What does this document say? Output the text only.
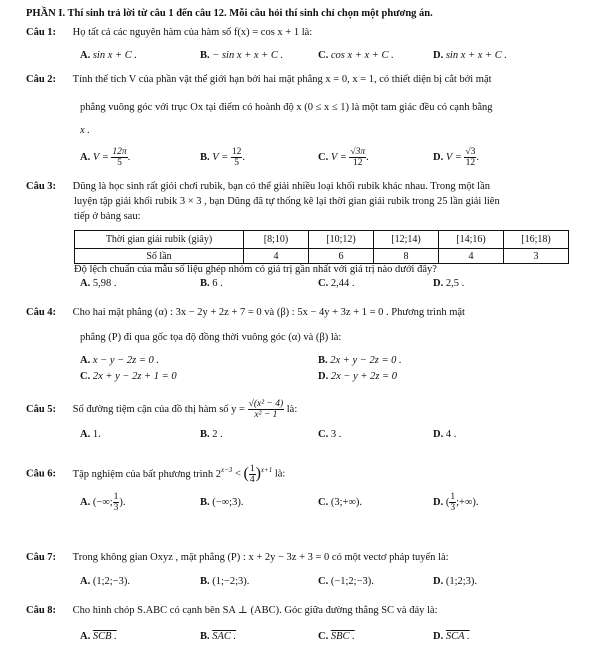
PHẦN I. Thí sinh trả lời từ câu 1 đến câu 12. Mỗi câu hỏi thí sinh chỉ chọn một phương án.
Câu 1: Họ tất cả các nguyên hàm của hàm số f(x) = cos x + 1 là:
A. sin x + C .	B. − sin x + x + C .	C. cos x + x + C .	D. sin x + x + C .
Câu 2: Tính thể tích V của phần vật thể giới hạn bởi hai mặt phẳng x = 0, x = 1, có thiết diện bị cắt bởi mặt
phẳng vuông góc với trục Ox tại điểm có hoành độ x (0 ≤ x ≤ 1) là một tam giác đều có cạnh bằng
x .
A. $V = \frac{12\pi}{5}$ .	B. $V = \frac{12}{5}$ .	C. $V = \frac{√3\pi}{12}$ .	D. $V = \frac{√3}{12}$ .
Câu 3: Dũng là học sinh rất giỏi chơi rubik, bạn có thể giải nhiều loại khối rubik khác nhau. Trong một lần
luyện tập giải khối rubik 3 × 3 , bạn Dũng đã tự thống kê lại thời gian giải rubik trong 25 lần giải liên
tiếp ở bảng sau:
Thời gian giải rubik (giây)	[8;10)	[10;12)	[12;14)	[14;16)	[16;18)
Số lần	4	6	8	4	3
Độ lệch chuẩn của mẫu số liệu ghép nhóm có giá trị gần nhất với giá trị nào dưới đây?
A. 5,98 .	B. 6 .	C. 2,44 .	D. 2,5 .
Câu 4: Cho hai mặt phẳng (α) : 3x − 2y + 2z + 7 = 0 và (β) : 5x − 4y + 3z + 1 = 0 . Phương trình mặt
phẳng (P) đi qua gốc tọa độ đồng thời vuông góc (α) và (β) là:
A. x − y − 2z = 0 .	B. 2x + y − 2z = 0 .
C. 2x + y − 2z + 1 = 0	D. 2x − y + 2z = 0
Câu 5: Số đường tiệm cận của đồ thị hàm số $y = \frac{\text{√(x² − 4)}}{\text{x² − 1}}$ là:
A. 1.	B. 2 .	C. 3 .	D. 4 .
Câu 6: Tập nghiệm của bất phương trình $2^{x-3}$ < ( $\frac{1}{4} )^{x+1}$ là:
A. (−∞; $\frac{1}{3}$ ).	B. (−∞;3).	C. (3;+∞).	D. ( $\frac{1}{3}$ ;+∞).
Câu 7: Trong không gian Oxyz , mặt phẳng (P) : x + 2y − 3z + 3 = 0 có một vectơ pháp tuyến là:
A. (1;2;−3).	B. (1;−2;3).	C. (−1;2;−3).	D. (1;2;3).
Câu 8: Cho hình chóp S.ABC có cạnh bên SA ⊥ (ABC). Góc giữa đường thẳng SC và đáy là:
A. SCB .	B. SAC .	C. SBC .	D. SCA .
